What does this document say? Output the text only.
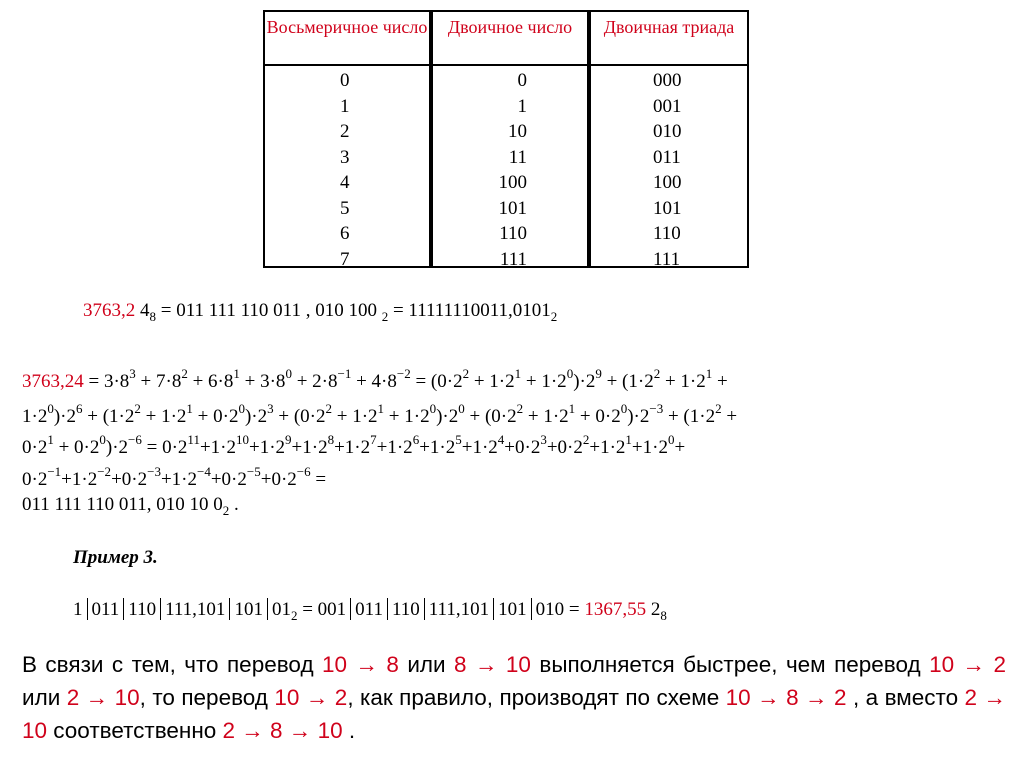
Восьмеричное число
0
1
2
3
4
5
6
7
Двоичное число
0
1
10
11
100
101
110
111
Двоичная триада
000
001
010
011
100
101
110
111
3763,2 $4_8 = 011$ 111 110 011 , 010 100 $_2 = 11111110011,0101_2$
$3763,24 = 3\cdot 8^3 + 7\cdot 8^2 + 6\cdot 8^1 + 3\cdot 8^0 + 2\cdot 8^{-1} + 4\cdot 8^{-2} = (0\cdot 2^2 + 1\cdot 2^1 + 1\cdot 2^0)\cdot 2^9 + (1\cdot 2^2 + 1\cdot 2^1$ +
$1\cdot 2^0)\cdot 2^6 + (1\cdot 2^2 + 1\cdot 2^1 + 0\cdot 2^0)\cdot 2^3 + (0\cdot 2^2 + 1\cdot 2^1 + 1\cdot 2^0)\cdot 2^0 + (0\cdot 2^2 + 1\cdot 2^1 + 0\cdot 2^0)\cdot 2^{-3} + (1\cdot 2^2$ +
$0\cdot 2^1 + 0\cdot 2^0)\cdot 2^{-6} = 0\cdot 2^{11}+1\cdot 2^{10}+1\cdot 2^9+1\cdot 2^8+1\cdot 2^7+1\cdot 2^6+1\cdot 2^5+1\cdot 2^4+0\cdot 2^3+0\cdot 2^2+1\cdot 2^1+1\cdot 2^0+$
$0\cdot 2^{-1}+1\cdot 2^{-2}+0\cdot 2^{-3}+1\cdot 2^{-4}+0\cdot 2^{-5}+0\cdot 2^{-6}$ =
011 111 110 011, 010 10 $0_2$ .
Пример 3.
1 011 110 111,101 101 $01_2 = 001$ 011 110 111,101 101 010 = 1367,55 $2_8$
В связи с тем, что перевод 10 → 8 или 8 → 10 выполняется быстрее, чем перевод 10 → 2 или 2 → 10, то перевод 10 → 2, как правило, производят по схеме 10 → 8 → 2 , а вместо 2 → 10 соответственно 2 → 8 → 10 .
